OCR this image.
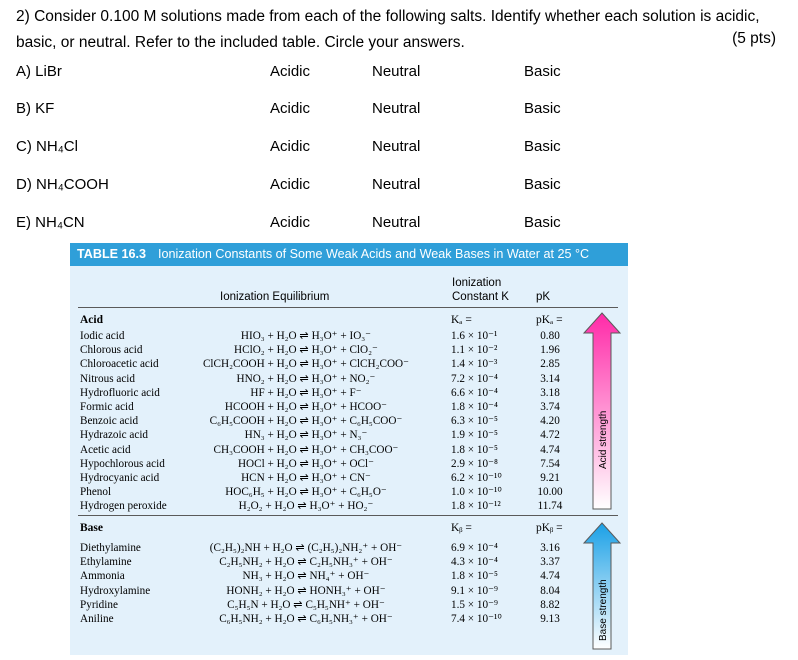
2) Consider 0.100 M solutions made from each of the following salts. Identify whether each solution is acidic,
basic, or neutral. Refer to the included table. Circle your answers.	(5 pts)
A) LiBr	Acidic	Neutral	Basic
B) KF	Acidic	Neutral	Basic
C) NH₄Cl	Acidic	Neutral	Basic
D) NH₄COOH	Acidic	Neutral	Basic
E) NH₄CN	Acidic	Neutral	Basic
TABLE 16.3 Ionization Constants of Some Weak Acids and Weak Bases in Water at 25 °C
Ionization Equilibrium
Ionization
Constant K pK
Acid	Kₐ =	pKₐ =
Iodic acid	HIO₃ + H₂O ⇌ H₃O⁺ + IO₃⁻	1.6 × 10⁻¹	0.80
Chlorous acid	HClO₂ + H₂O ⇌ H₃O⁺ + ClO₂⁻	1.1 × 10⁻²	1.96
Chloroacetic acid	ClCH₂COOH + H₂O ⇌ H₃O⁺ + ClCH₂COO⁻	1.4 × 10⁻³	2.85
Nitrous acid	HNO₂ + H₂O ⇌ H₃O⁺ + NO₂⁻	7.2 × 10⁻⁴	3.14
Hydrofluoric acid	HF + H₂O ⇌ H₃O⁺ + F⁻	6.6 × 10⁻⁴	3.18
Formic acid	HCOOH + H₂O ⇌ H₃O⁺ + HCOO⁻	1.8 × 10⁻⁴	3.74
Benzoic acid	C₆H₅COOH + H₂O ⇌ H₃O⁺ + C₆H₅COO⁻	6.3 × 10⁻⁵	4.20
Hydrazoic acid	HN₃ + H₂O ⇌ H₃O⁺ + N₃⁻	1.9 × 10⁻⁵	4.72
Acetic acid	CH₃COOH + H₂O ⇌ H₃O⁺ + CH₃COO⁻	1.8 × 10⁻⁵	4.74
Hypochlorous acid	HOCl + H₂O ⇌ H₃O⁺ + OCl⁻	2.9 × 10⁻⁸	7.54
Hydrocyanic acid	HCN + H₂O ⇌ H₃O⁺ + CN⁻	6.2 × 10⁻¹⁰	9.21
Phenol	HOC₆H₅ + H₂O ⇌ H₃O⁺ + C₆H₅O⁻	1.0 × 10⁻¹⁰	10.00
Hydrogen peroxide	H₂O₂ + H₂O ⇌ H₃O⁺ + HO₂⁻	1.8 × 10⁻¹²	11.74
Base	Kᵦ =	pKᵦ =
Diethylamine	(C₂H₅)₂NH + H₂O ⇌ (C₂H₅)₂NH₂⁺ + OH⁻	6.9 × 10⁻⁴	3.16
Ethylamine	C₂H₅NH₂ + H₂O ⇌ C₂H₅NH₃⁺ + OH⁻	4.3 × 10⁻⁴	3.37
Ammonia	NH₃ + H₂O ⇌ NH₄⁺ + OH⁻	1.8 × 10⁻⁵	4.74
Hydroxylamine	HONH₂ + H₂O ⇌ HONH₃⁺ + OH⁻	9.1 × 10⁻⁹	8.04
Pyridine	C₅H₅N + H₂O ⇌ C₅H₅NH⁺ + OH⁻	1.5 × 10⁻⁹	8.82
Aniline	C₆H₅NH₂ + H₂O ⇌ C₆H₅NH₃⁺ + OH⁻	7.4 × 10⁻¹⁰	9.13
Acid strength
Base strength
